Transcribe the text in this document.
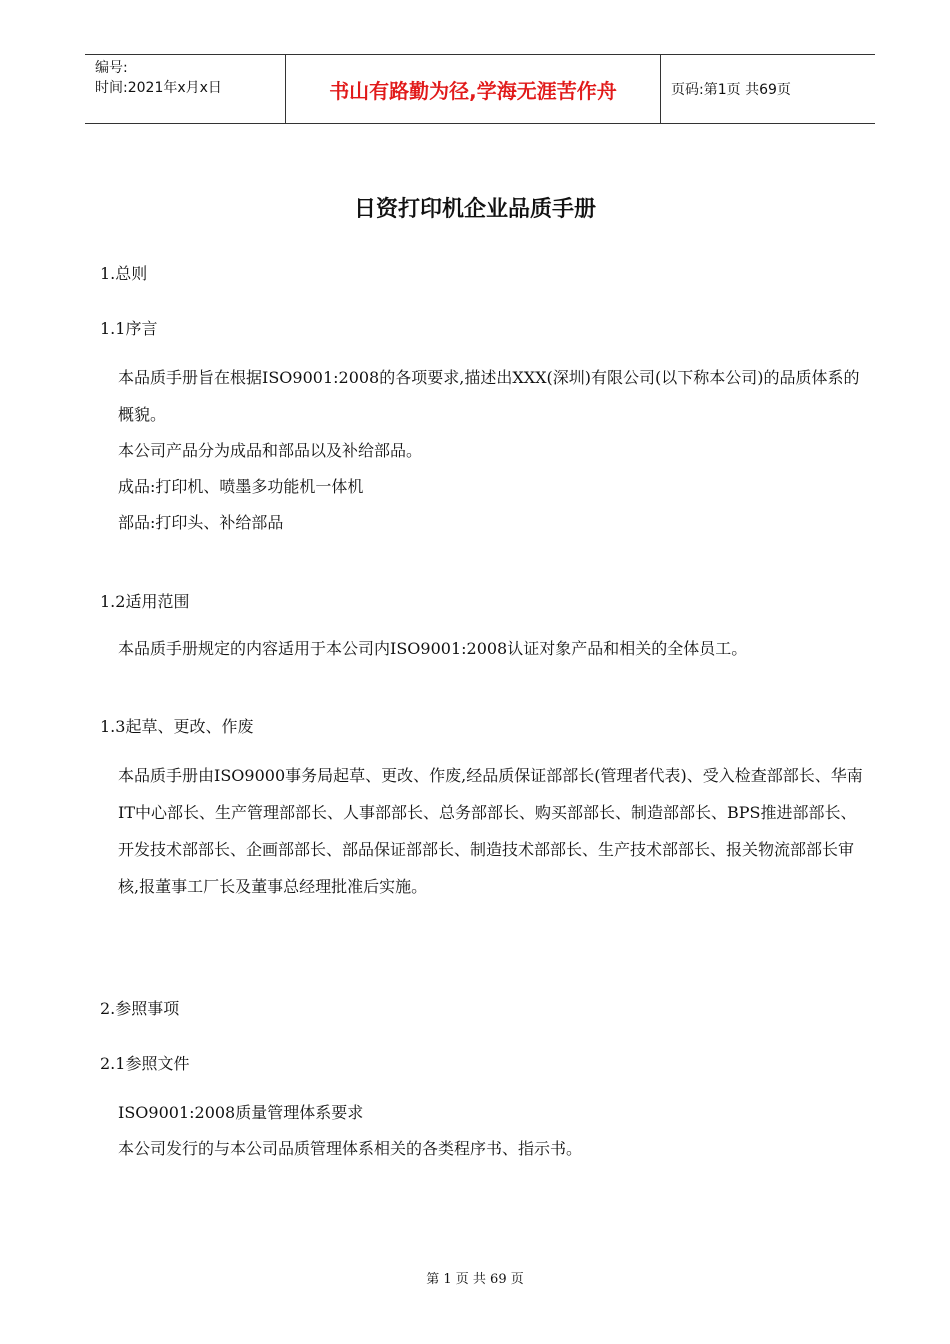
编号:
时间:2021年x月x日	书山有路勤为径,学海无涯苦作舟	页码:第1页 共69页
日资打印机企业品质手册
1.总则
1.1序言
本品质手册旨在根据ISO9001:2008的各项要求,描述出XXX(深圳)有限公司(以下称本公司)的品质体系的概貌。
本公司产品分为成品和部品以及补给部品。
成品:打印机、喷墨多功能机一体机
部品:打印头、补给部品
1.2适用范围
本品质手册规定的内容适用于本公司内ISO9001:2008认证对象产品和相关的全体员工。
1.3起草、更改、作废
本品质手册由ISO9000事务局起草、更改、作废,经品质保证部部长(管理者代表)、受入检查部部长、华南IT中心部长、生产管理部部长、人事部部长、总务部部长、购买部部长、制造部部长、BPS推进部部长、开发技术部部长、企画部部长、部品保证部部长、制造技术部部长、生产技术部部长、报关物流部部长审核,报董事工厂长及董事总经理批准后实施。
2.参照事项
2.1参照文件
ISO9001:2008质量管理体系要求
本公司发行的与本公司品质管理体系相关的各类程序书、指示书。
第 1 页 共 69 页
